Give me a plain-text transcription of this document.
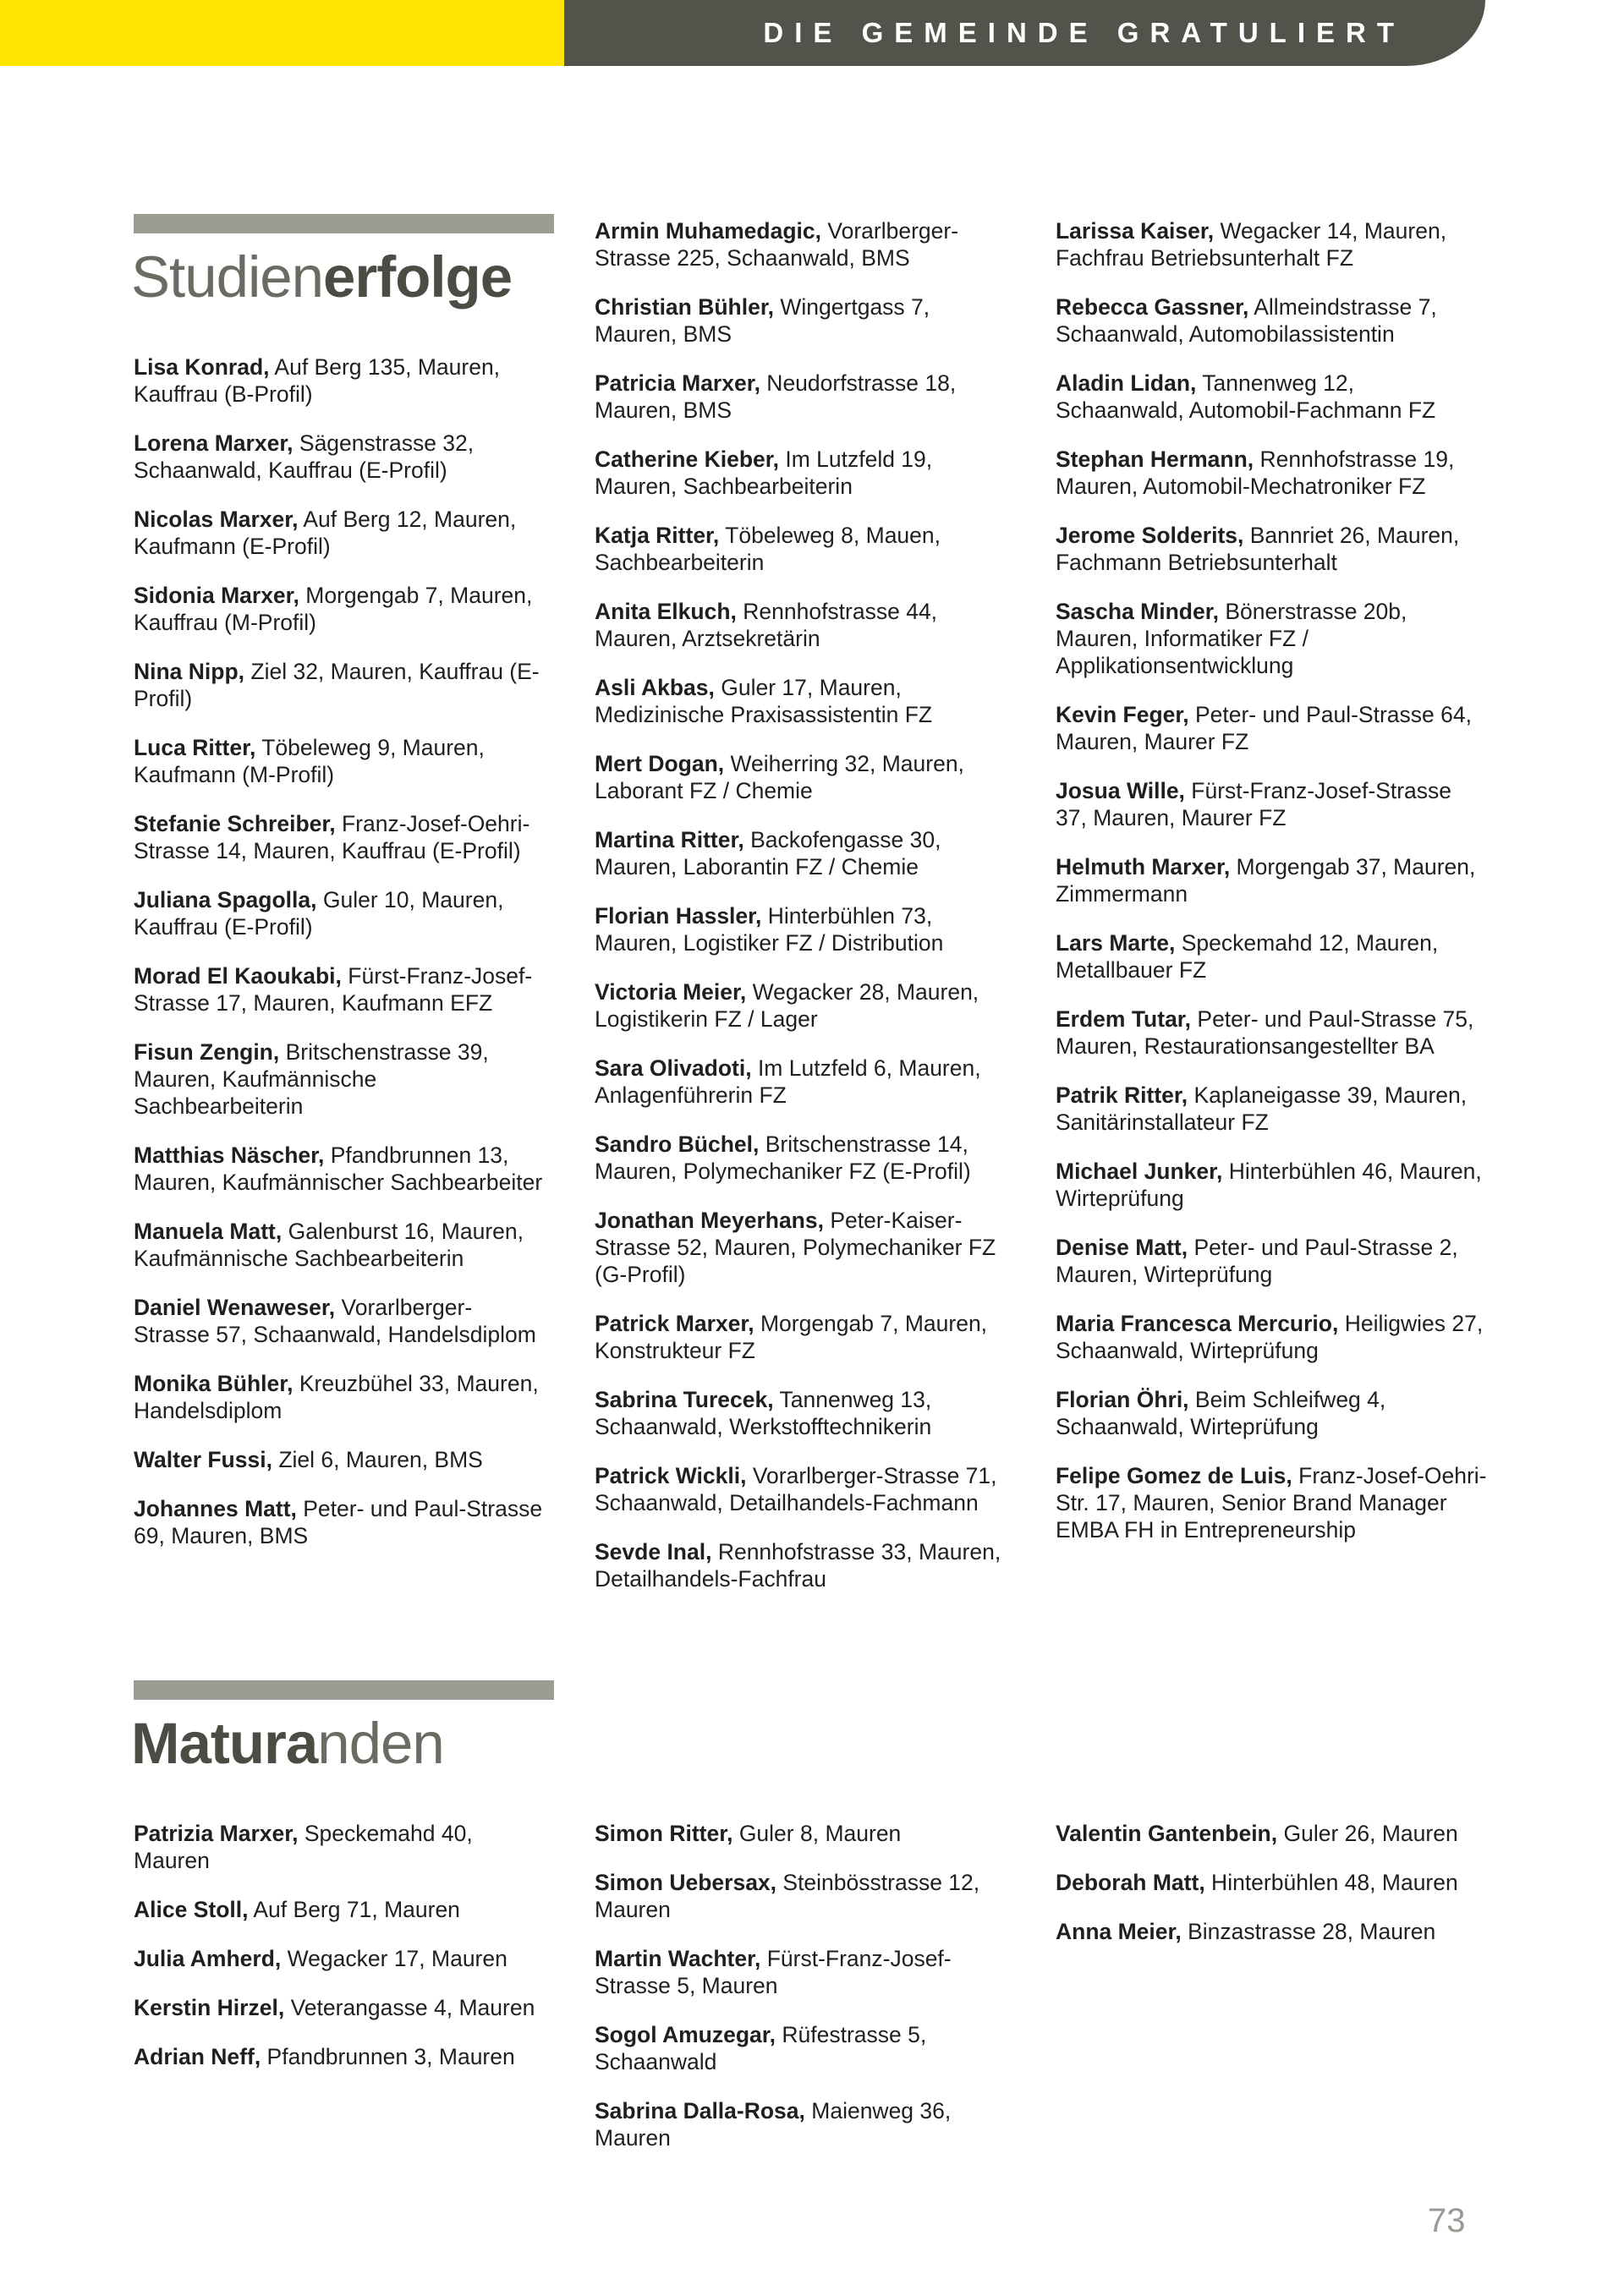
DIE GEMEINDE GRATULIERT
Studienerfolge

Lisa Konrad, Auf Berg 135, Mauren, Kauffrau (B-Profil)

Lorena Marxer, Sägenstrasse 32, Schaanwald, Kauffrau (E-Profil)

Nicolas Marxer, Auf Berg 12, Mauren, Kaufmann (E-Profil)

Sidonia Marxer, Morgengab 7, Mauren, Kauffrau (M-Profil)

Nina Nipp, Ziel 32, Mauren, Kauffrau (E-Profil)

Luca Ritter, Töbeleweg 9, Mauren, Kaufmann (M-Profil)

Stefanie Schreiber, Franz-Josef-Oehri-Strasse 14, Mauren, Kauffrau (E-Profil)

Juliana Spagolla, Guler 10, Mauren, Kauffrau (E-Profil)

Morad El Kaoukabi, Fürst-Franz-Josef-Strasse 17, Mauren, Kaufmann EFZ

Fisun Zengin, Britschenstrasse 39, Mauren, Kaufmännische Sachbearbeiterin

Matthias Näscher, Pfandbrunnen 13, Mauren, Kaufmännischer Sachbearbeiter

Manuela Matt, Galenburst 16, Mauren, Kaufmännische Sachbearbeiterin

Daniel Wenaweser, Vorarlberger-Strasse 57, Schaanwald, Handelsdiplom

Monika Bühler, Kreuzbühel 33, Mauren, Handelsdiplom

Walter Fussi, Ziel 6, Mauren, BMS

Johannes Matt, Peter- und Paul-Strasse 69, Mauren, BMS

Armin Muhamedagic, Vorarlberger-Strasse 225, Schaanwald, BMS

Christian Bühler, Wingertgass 7, Mauren, BMS

Patricia Marxer, Neudorfstrasse 18, Mauren, BMS

Catherine Kieber, Im Lutzfeld 19, Mauren, Sachbearbeiterin

Katja Ritter, Töbeleweg 8, Mauen, Sachbearbeiterin

Anita Elkuch, Rennhofstrasse 44, Mauren, Arztsekretärin

Asli Akbas, Guler 17, Mauren, Medizinische Praxisassistentin FZ

Mert Dogan, Weiherring 32, Mauren, Laborant FZ / Chemie

Martina Ritter, Backofengasse 30, Mauren, Laborantin FZ / Chemie

Florian Hassler, Hinterbühlen 73, Mauren, Logistiker FZ / Distribution

Victoria Meier, Wegacker 28, Mauren, Logistikerin FZ / Lager

Sara Olivadoti, Im Lutzfeld 6, Mauren, Anlagenführerin FZ

Sandro Büchel, Britschenstrasse 14, Mauren, Polymechaniker FZ (E-Profil)

Jonathan Meyerhans, Peter-Kaiser-Strasse 52, Mauren, Polymechaniker FZ (G-Profil)

Patrick Marxer, Morgengab 7, Mauren, Konstrukteur FZ

Sabrina Turecek, Tannenweg 13, Schaanwald, Werkstofftechnikerin

Patrick Wickli, Vorarlberger-Strasse 71, Schaanwald, Detailhandels-Fachmann

Sevde Inal, Rennhofstrasse 33, Mauren, Detailhandels-Fachfrau

Larissa Kaiser, Wegacker 14, Mauren, Fachfrau Betriebsunterhalt FZ

Rebecca Gassner, Allmeindstrasse 7, Schaanwald, Automobilassistentin

Aladin Lidan, Tannenweg 12, Schaanwald, Automobil-Fachmann FZ

Stephan Hermann, Rennhofstrasse 19, Mauren, Automobil-Mechatroniker FZ

Jerome Solderits, Bannriet 26, Mauren, Fachmann Betriebsunterhalt

Sascha Minder, Bönerstrasse 20b, Mauren, Informatiker FZ / Applikationsentwicklung

Kevin Feger, Peter- und Paul-Strasse 64, Mauren, Maurer FZ

Josua Wille, Fürst-Franz-Josef-Strasse 37, Mauren, Maurer FZ

Helmuth Marxer, Morgengab 37, Mauren, Zimmermann

Lars Marte, Speckemahd 12, Mauren, Metallbauer FZ

Erdem Tutar, Peter- und Paul-Strasse 75, Mauren, Restaurationsangestellter BA

Patrik Ritter, Kaplaneigasse 39, Mauren, Sanitärinstallateur FZ

Michael Junker, Hinterbühlen 46, Mauren, Wirteprüfung

Denise Matt, Peter- und Paul-Strasse 2, Mauren, Wirteprüfung

Maria Francesca Mercurio, Heiligwies 27, Schaanwald, Wirteprüfung

Florian Öhri, Beim Schleifweg 4, Schaanwald, Wirteprüfung

Felipe Gomez de Luis, Franz-Josef-Oehri-Str. 17, Mauren, Senior Brand Manager EMBA FH in Entrepreneurship

Maturanden

Patrizia Marxer, Speckemahd 40, Mauren

Alice Stoll, Auf Berg 71, Mauren

Julia Amherd, Wegacker 17, Mauren

Kerstin Hirzel, Veterangasse 4, Mauren

Adrian Neff, Pfandbrunnen 3, Mauren

Simon Ritter, Guler 8, Mauren

Simon Uebersax, Steinbösstrasse 12, Mauren

Martin Wachter, Fürst-Franz-Josef-Strasse 5, Mauren

Sogol Amuzegar, Rüfestrasse 5, Schaanwald

Sabrina Dalla-Rosa, Maienweg 36, Mauren

Valentin Gantenbein, Guler 26, Mauren

Deborah Matt, Hinterbühlen 48, Mauren

Anna Meier, Binzastrasse 28, Mauren

73
